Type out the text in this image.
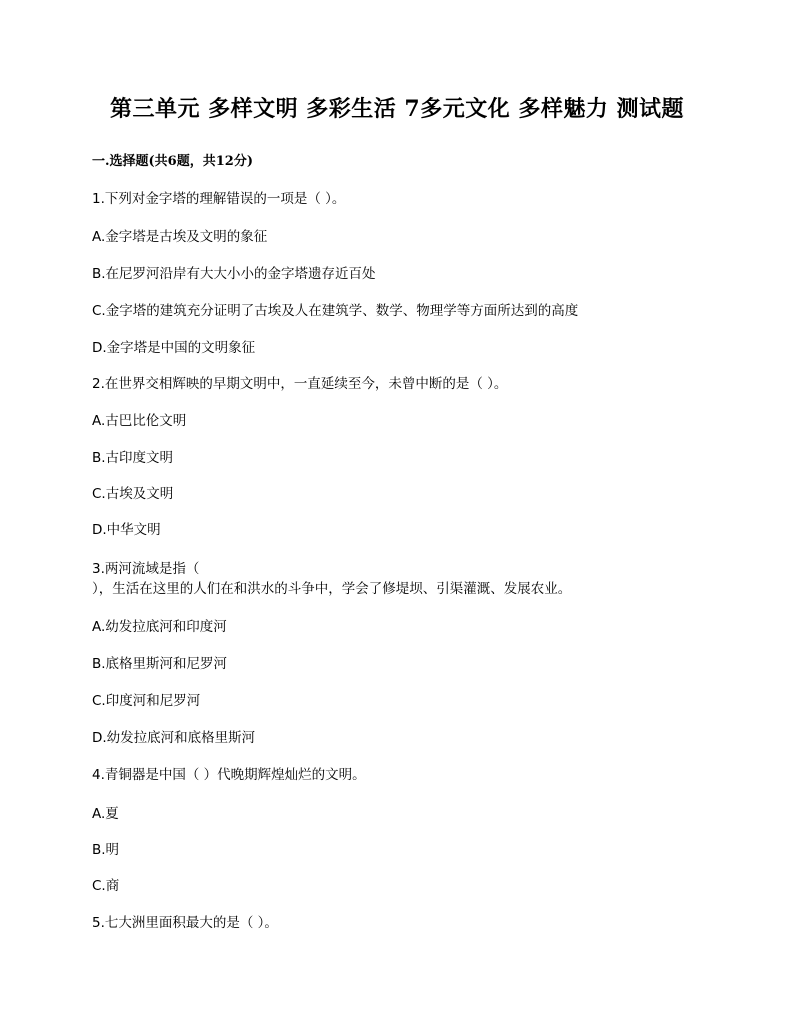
第三单元 多样文明 多彩生活 7多元文化 多样魅力 测试题
一.选择题(共6题，共12分)
1.下列对金字塔的理解错误的一项是（ ）。
A.金字塔是古埃及文明的象征
B.在尼罗河沿岸有大大小小的金字塔遗存近百处
C.金字塔的建筑充分证明了古埃及人在建筑学、数学、物理学等方面所达到的高度
D.金字塔是中国的文明象征
2.在世界交相辉映的早期文明中，一直延续至今，未曾中断的是（ ）。
A.古巴比伦文明
B.古印度文明
C.古埃及文明
D.中华文明
3.两河流域是指（
），生活在这里的人们在和洪水的斗争中，学会了修堤坝、引渠灌溉、发展农业。
A.幼发拉底河和印度河
B.底格里斯河和尼罗河
C.印度河和尼罗河
D.幼发拉底河和底格里斯河
4.青铜器是中国（ ）代晚期辉煌灿烂的文明。
A.夏
B.明
C.商
5.七大洲里面积最大的是（ ）。
